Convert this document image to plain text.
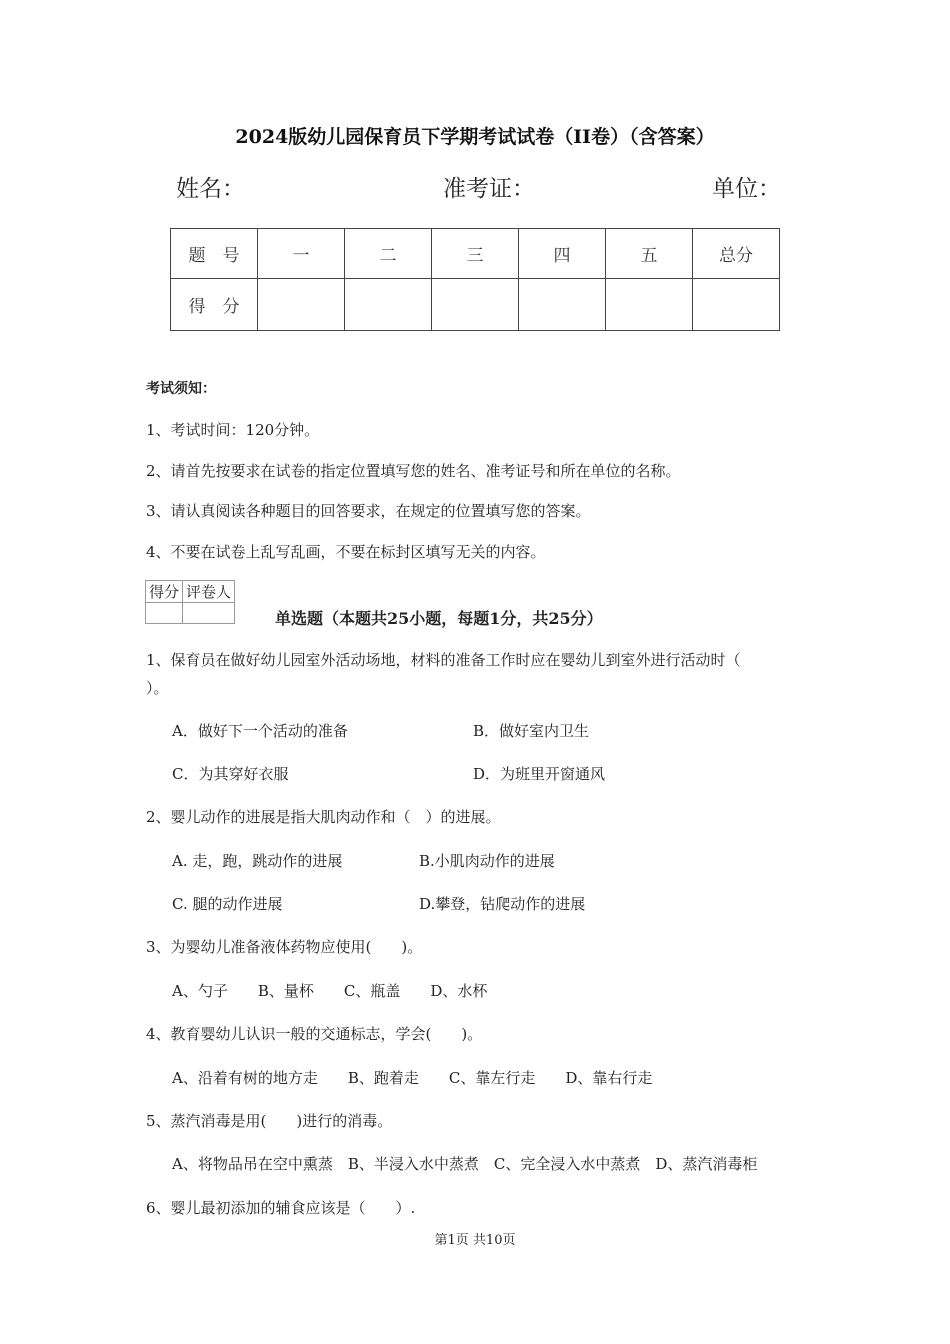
2024版幼儿园保育员下学期考试试卷（II卷）（含答案）
姓名：	准考证：	单位：
题　号	一	二	三	四	五	总分
得　分						
考试须知：
1、考试时间：120分钟。
2、请首先按要求在试卷的指定位置填写您的姓名、准考证号和所在单位的名称。
3、请认真阅读各种题目的回答要求，在规定的位置填写您的答案。
4、不要在试卷上乱写乱画，不要在标封区填写无关的内容。
得分	评卷人

单选题（本题共25小题，每题1分，共25分）
1、保育员在做好幼儿园室外活动场地，材料的准备工作时应在婴幼儿到室外进行活动时（
）。
A．做好下一个活动的准备	B．做好室内卫生
C．为其穿好衣服	D．为班里开窗通风
2、婴儿动作的进展是指大肌肉动作和（　）的进展。
A. 走，跑，跳动作的进展	B.小肌肉动作的进展
C. 腿的动作进展	D.攀登，钻爬动作的进展
3、为婴幼儿准备液体药物应使用(　　)。
A、勺子　　B、量杯　　C、瓶盖　　D、水杯
4、教育婴幼儿认识一般的交通标志，学会(　　)。
A、沿着有树的地方走　　B、跑着走　　C、靠左行走　　D、靠右行走
5、蒸汽消毒是用(　　)进行的消毒。
A、将物品吊在空中熏蒸　B、半浸入水中蒸煮　C、完全浸入水中蒸煮　D、蒸汽消毒柜
6、婴儿最初添加的辅食应该是（　　）.
第1页 共10页
